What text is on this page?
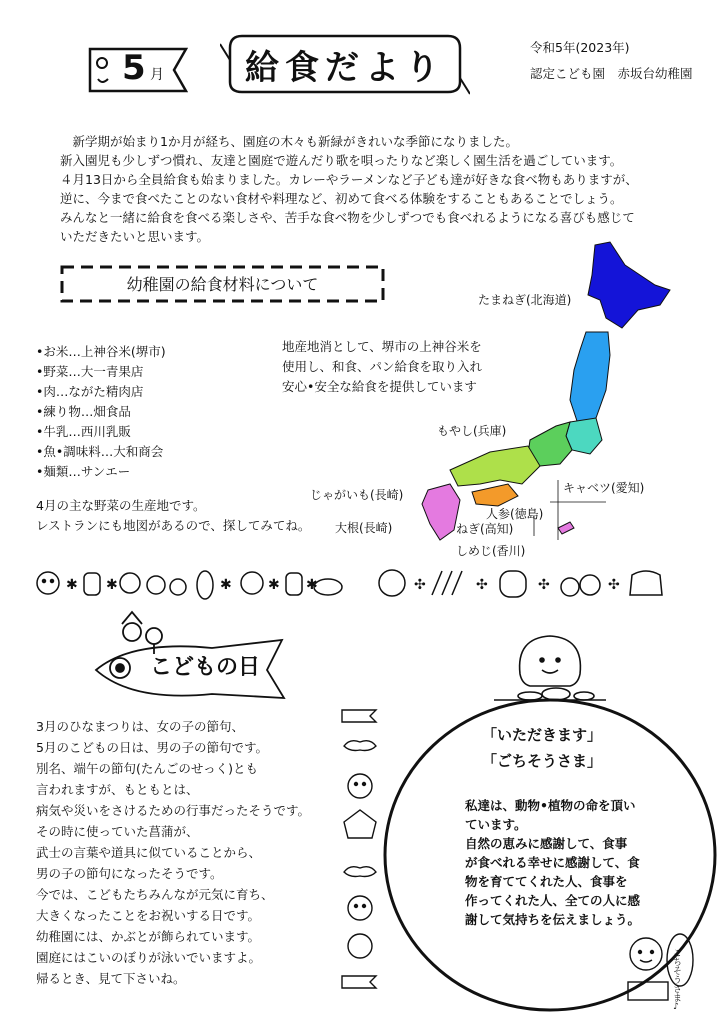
5 月 給食だより
令和5年(2023年)
認定こども園　赤坂台幼稚園
　新学期が始まり1か月が経ち、園庭の木々も新緑がきれいな季節になりました。
新入園児も少しずつ慣れ、友達と園庭で遊んだり歌を唄ったりなど楽しく園生活を過ごしています。
４月13日から全員給食も始まりました。カレーやラーメンなど子ども達が好きな食べ物もありますが、
逆に、今まで食べたことのない食材や料理など、初めて食べる体験をすることもあることでしょう。
みんなと一緒に給食を食べる楽しさや、苦手な食べ物を少しずつでも食べれるようになる喜びも感じて
いただきたいと思います。
幼稚園の給食材料について
•お米…上神谷米(堺市)
•野菜…大一青果店
•肉…ながた精肉店
•練り物…畑食品
•牛乳…西川乳販
•魚•調味料…大和商会
•麺類…サンエー
地産地消として、堺市の上神谷米を
使用し、和食、パン給食を取り入れ
安心•安全な給食を提供しています
4月の主な野菜の生産地です。
レストランにも地図があるので、探してみてね。
たまねぎ(北海道)
もやし(兵庫)
じゃがいも(長崎)	キャベツ(愛知)
人参(徳島)
大根(長崎)	ねぎ(高知)
しめじ(香川)
✱ ✱	✱	✱ ✱	✣	✣	✣	✣
こどもの日
3月のひなまつりは、女の子の節句、
5月のこどもの日は、男の子の節句です。
別名、端午の節句(たんごのせっく)とも
言われますが、もともとは、
病気や災いをさけるための行事だったそうです。
その時に使っていた菖蒲が、
武士の言葉や道具に似ていることから、
男の子の節句になったそうです。
今では、こどもたちみんなが元気に育ち、
大きくなったことをお祝いする日です。
幼稚園には、かぶとが飾られています。
園庭にはこいのぼりが泳いでいますよ。
帰るとき、見て下さいね。
「いただきます」
「ごちそうさま」
私達は、動物•植物の命を頂い
ています。
自然の恵みに感謝して、食事
が食べれる幸せに感謝して、食
物を育ててくれた人、食事を
作ってくれた人、全ての人に感
謝して気持ちを伝えましょう。
ごちそうさま♪
